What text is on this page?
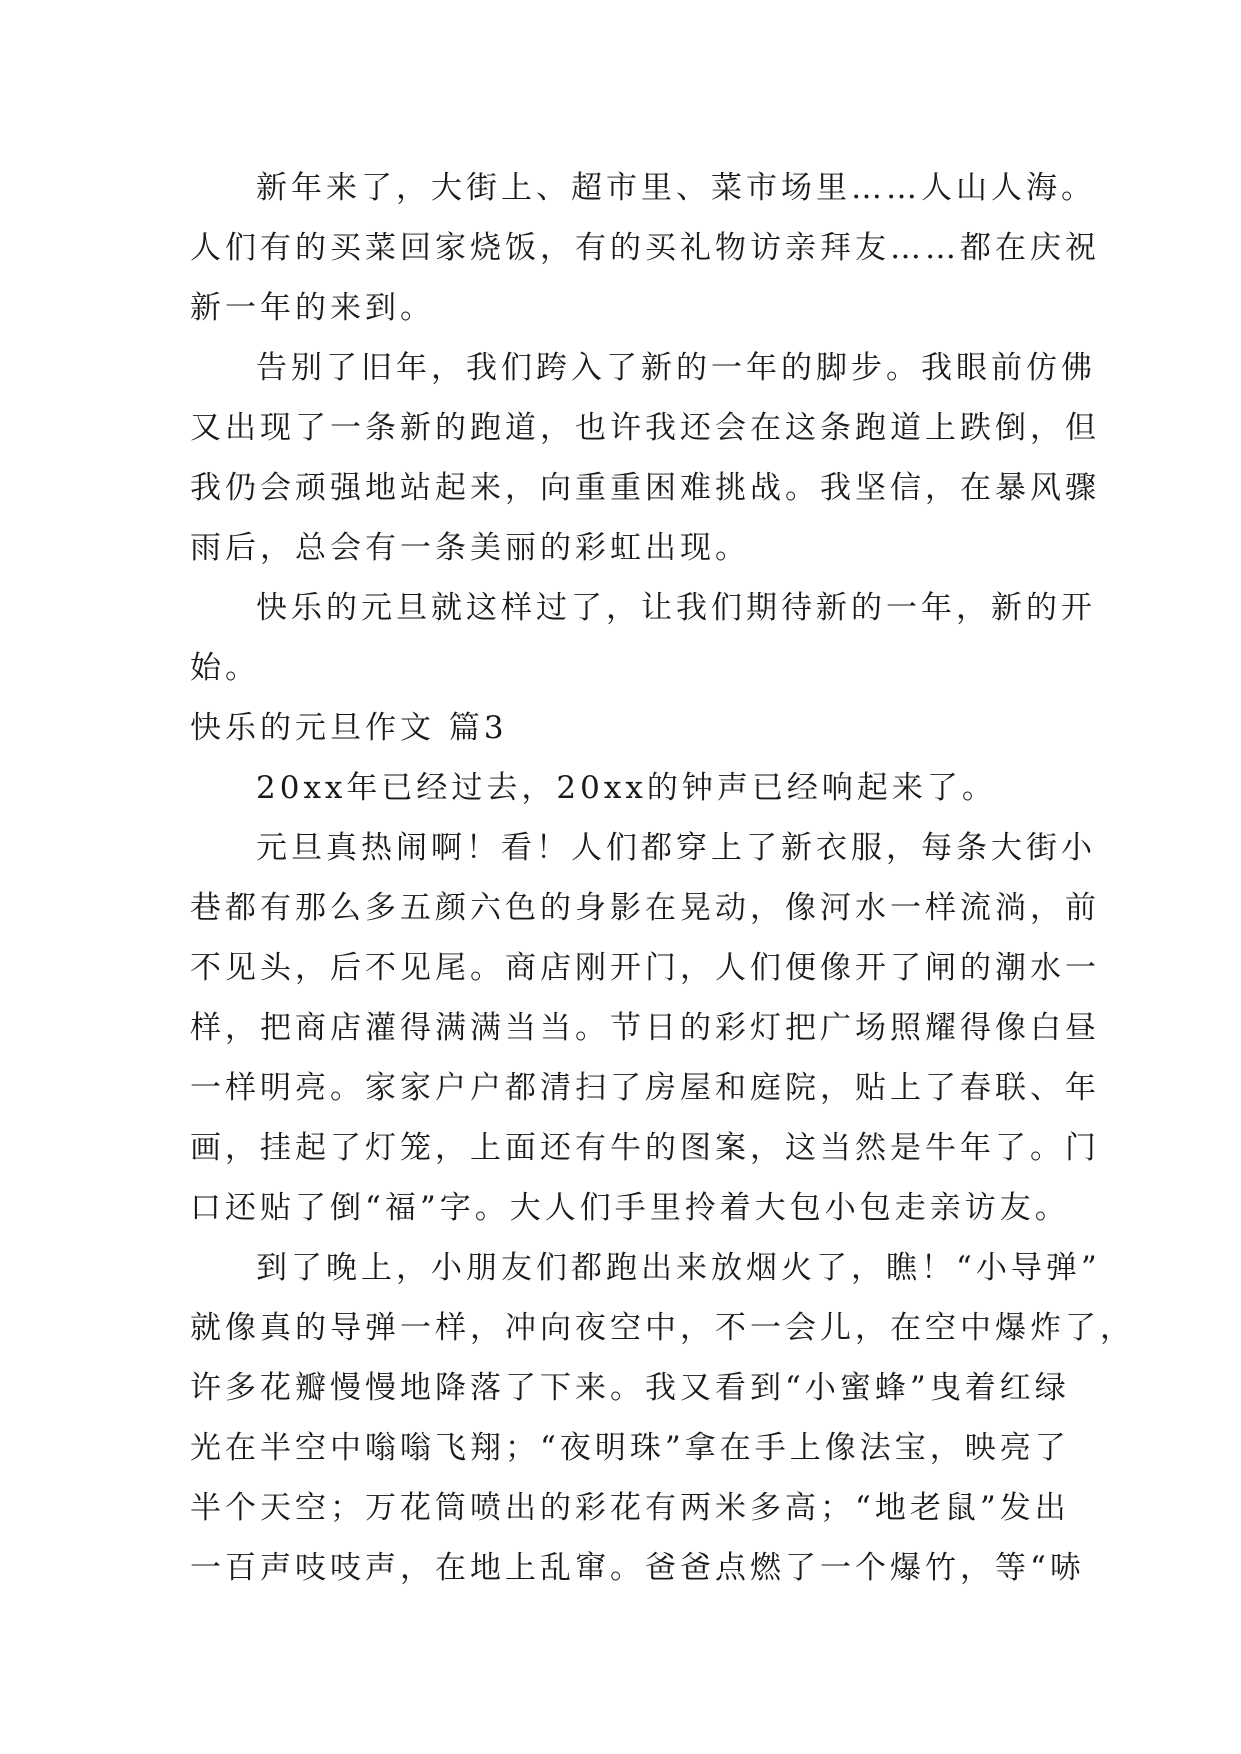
新年来了，大街上、超市里、菜市场里……人山人海。
人们有的买菜回家烧饭，有的买礼物访亲拜友……都在庆祝
新一年的来到。
告别了旧年，我们跨入了新的一年的脚步。我眼前仿佛
又出现了一条新的跑道，也许我还会在这条跑道上跌倒，但
我仍会顽强地站起来，向重重困难挑战。我坚信，在暴风骤
雨后，总会有一条美丽的彩虹出现。
快乐的元旦就这样过了，让我们期待新的一年，新的开
始。
快乐的元旦作文 篇3
20xx年已经过去，20xx的钟声已经响起来了。
元旦真热闹啊！看！人们都穿上了新衣服，每条大街小
巷都有那么多五颜六色的身影在晃动，像河水一样流淌，前
不见头，后不见尾。商店刚开门，人们便像开了闸的潮水一
样，把商店灌得满满当当。节日的彩灯把广场照耀得像白昼
一样明亮。家家户户都清扫了房屋和庭院，贴上了春联、年
画，挂起了灯笼，上面还有牛的图案，这当然是牛年了。门
口还贴了倒“福”字。大人们手里拎着大包小包走亲访友。
到了晚上，小朋友们都跑出来放烟火了，瞧！“小导弹”
就像真的导弹一样，冲向夜空中，不一会儿，在空中爆炸了，
许多花瓣慢慢地降落了下来。我又看到“小蜜蜂”曳着红绿
光在半空中嗡嗡飞翔；“夜明珠”拿在手上像法宝，映亮了
半个天空；万花筒喷出的彩花有两米多高；“地老鼠”发出
一百声吱吱声，在地上乱窜。爸爸点燃了一个爆竹，等“哧
